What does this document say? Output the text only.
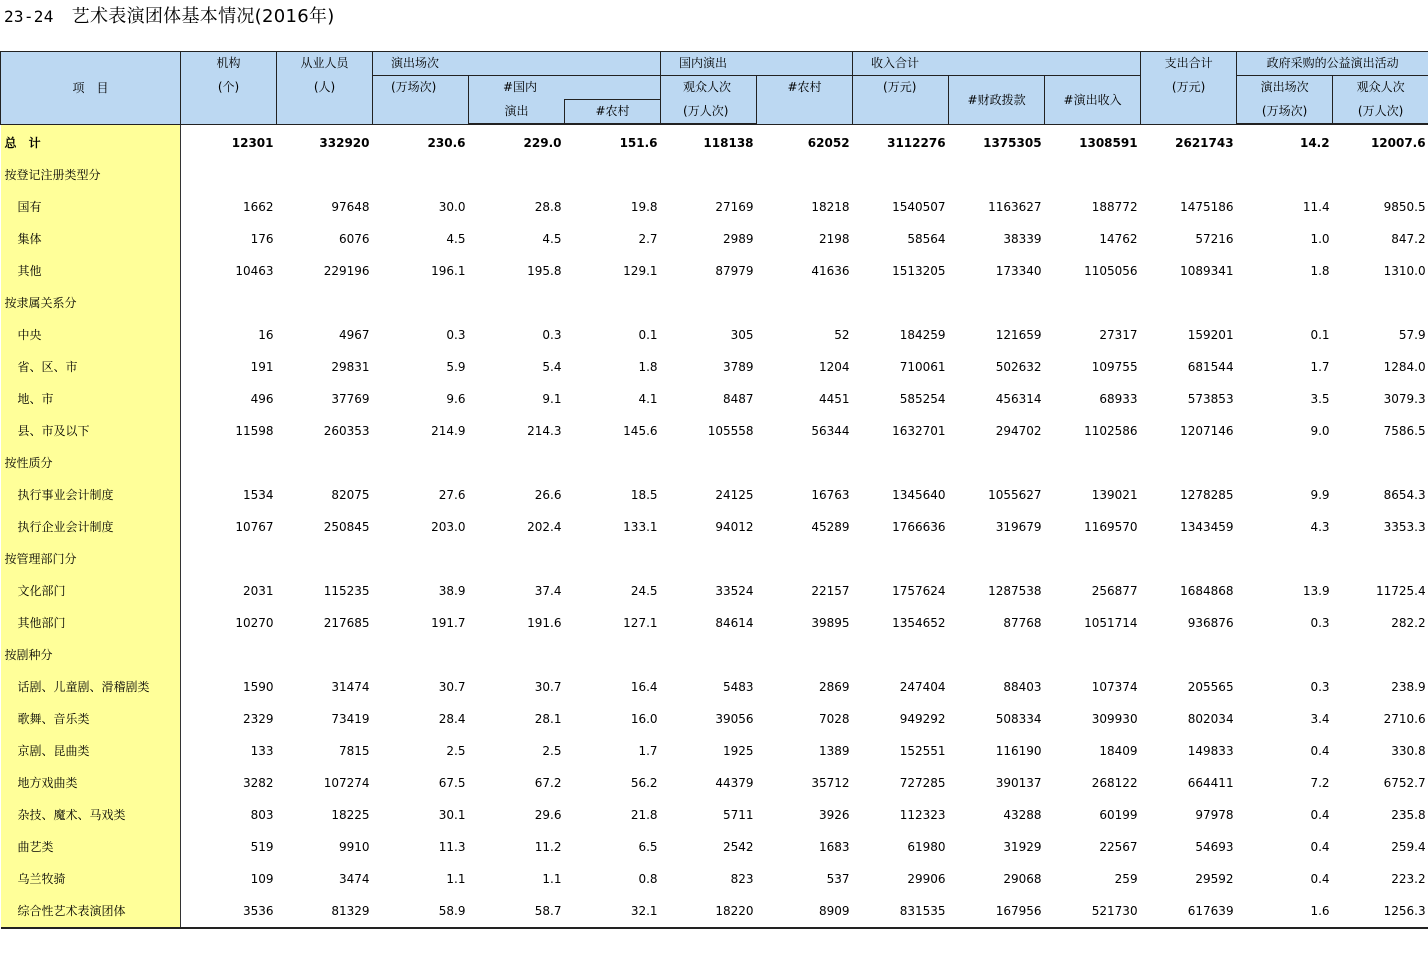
23-24 艺术表演团体基本情况(2016年)
项　目	机构	从业人员	演出场次			国内演出		收入合计			支出合计	政府采购的公益演出活动	
	(个)	(人)	(万场次)	#国内		观众人次	#农村	(万元)	#财政拨款	#演出收入	(万元)	演出场次	观众人次
				演出	#农村	(万人次)						(万场次)	(万人次)
总 计	12301	332920	230.6	229.0	151.6	118138	62052	3112276	1375305	1308591	2621743	14.2	12007.6
按登记注册类型分													
国有	1662	97648	30.0	28.8	19.8	27169	18218	1540507	1163627	188772	1475186	11.4	9850.5
集体	176	6076	4.5	4.5	2.7	2989	2198	58564	38339	14762	57216	1.0	847.2
其他	10463	229196	196.1	195.8	129.1	87979	41636	1513205	173340	1105056	1089341	1.8	1310.0
按隶属关系分													
中央	16	4967	0.3	0.3	0.1	305	52	184259	121659	27317	159201	0.1	57.9
省、区、市	191	29831	5.9	5.4	1.8	3789	1204	710061	502632	109755	681544	1.7	1284.0
地、市	496	37769	9.6	9.1	4.1	8487	4451	585254	456314	68933	573853	3.5	3079.3
县、市及以下	11598	260353	214.9	214.3	145.6	105558	56344	1632701	294702	1102586	1207146	9.0	7586.5
按性质分													
执行事业会计制度	1534	82075	27.6	26.6	18.5	24125	16763	1345640	1055627	139021	1278285	9.9	8654.3
执行企业会计制度	10767	250845	203.0	202.4	133.1	94012	45289	1766636	319679	1169570	1343459	4.3	3353.3
按管理部门分													
文化部门	2031	115235	38.9	37.4	24.5	33524	22157	1757624	1287538	256877	1684868	13.9	11725.4
其他部门	10270	217685	191.7	191.6	127.1	84614	39895	1354652	87768	1051714	936876	0.3	282.2
按剧种分													
话剧、儿童剧、滑稽剧类	1590	31474	30.7	30.7	16.4	5483	2869	247404	88403	107374	205565	0.3	238.9
歌舞、音乐类	2329	73419	28.4	28.1	16.0	39056	7028	949292	508334	309930	802034	3.4	2710.6
京剧、昆曲类	133	7815	2.5	2.5	1.7	1925	1389	152551	116190	18409	149833	0.4	330.8
地方戏曲类	3282	107274	67.5	67.2	56.2	44379	35712	727285	390137	268122	664411	7.2	6752.7
杂技、魔术、马戏类	803	18225	30.1	29.6	21.8	5711	3926	112323	43288	60199	97978	0.4	235.8
曲艺类	519	9910	11.3	11.2	6.5	2542	1683	61980	31929	22567	54693	0.4	259.4
乌兰牧骑	109	3474	1.1	1.1	0.8	823	537	29906	29068	259	29592	0.4	223.2
综合性艺术表演团体	3536	81329	58.9	58.7	32.1	18220	8909	831535	167956	521730	617639	1.6	1256.3
